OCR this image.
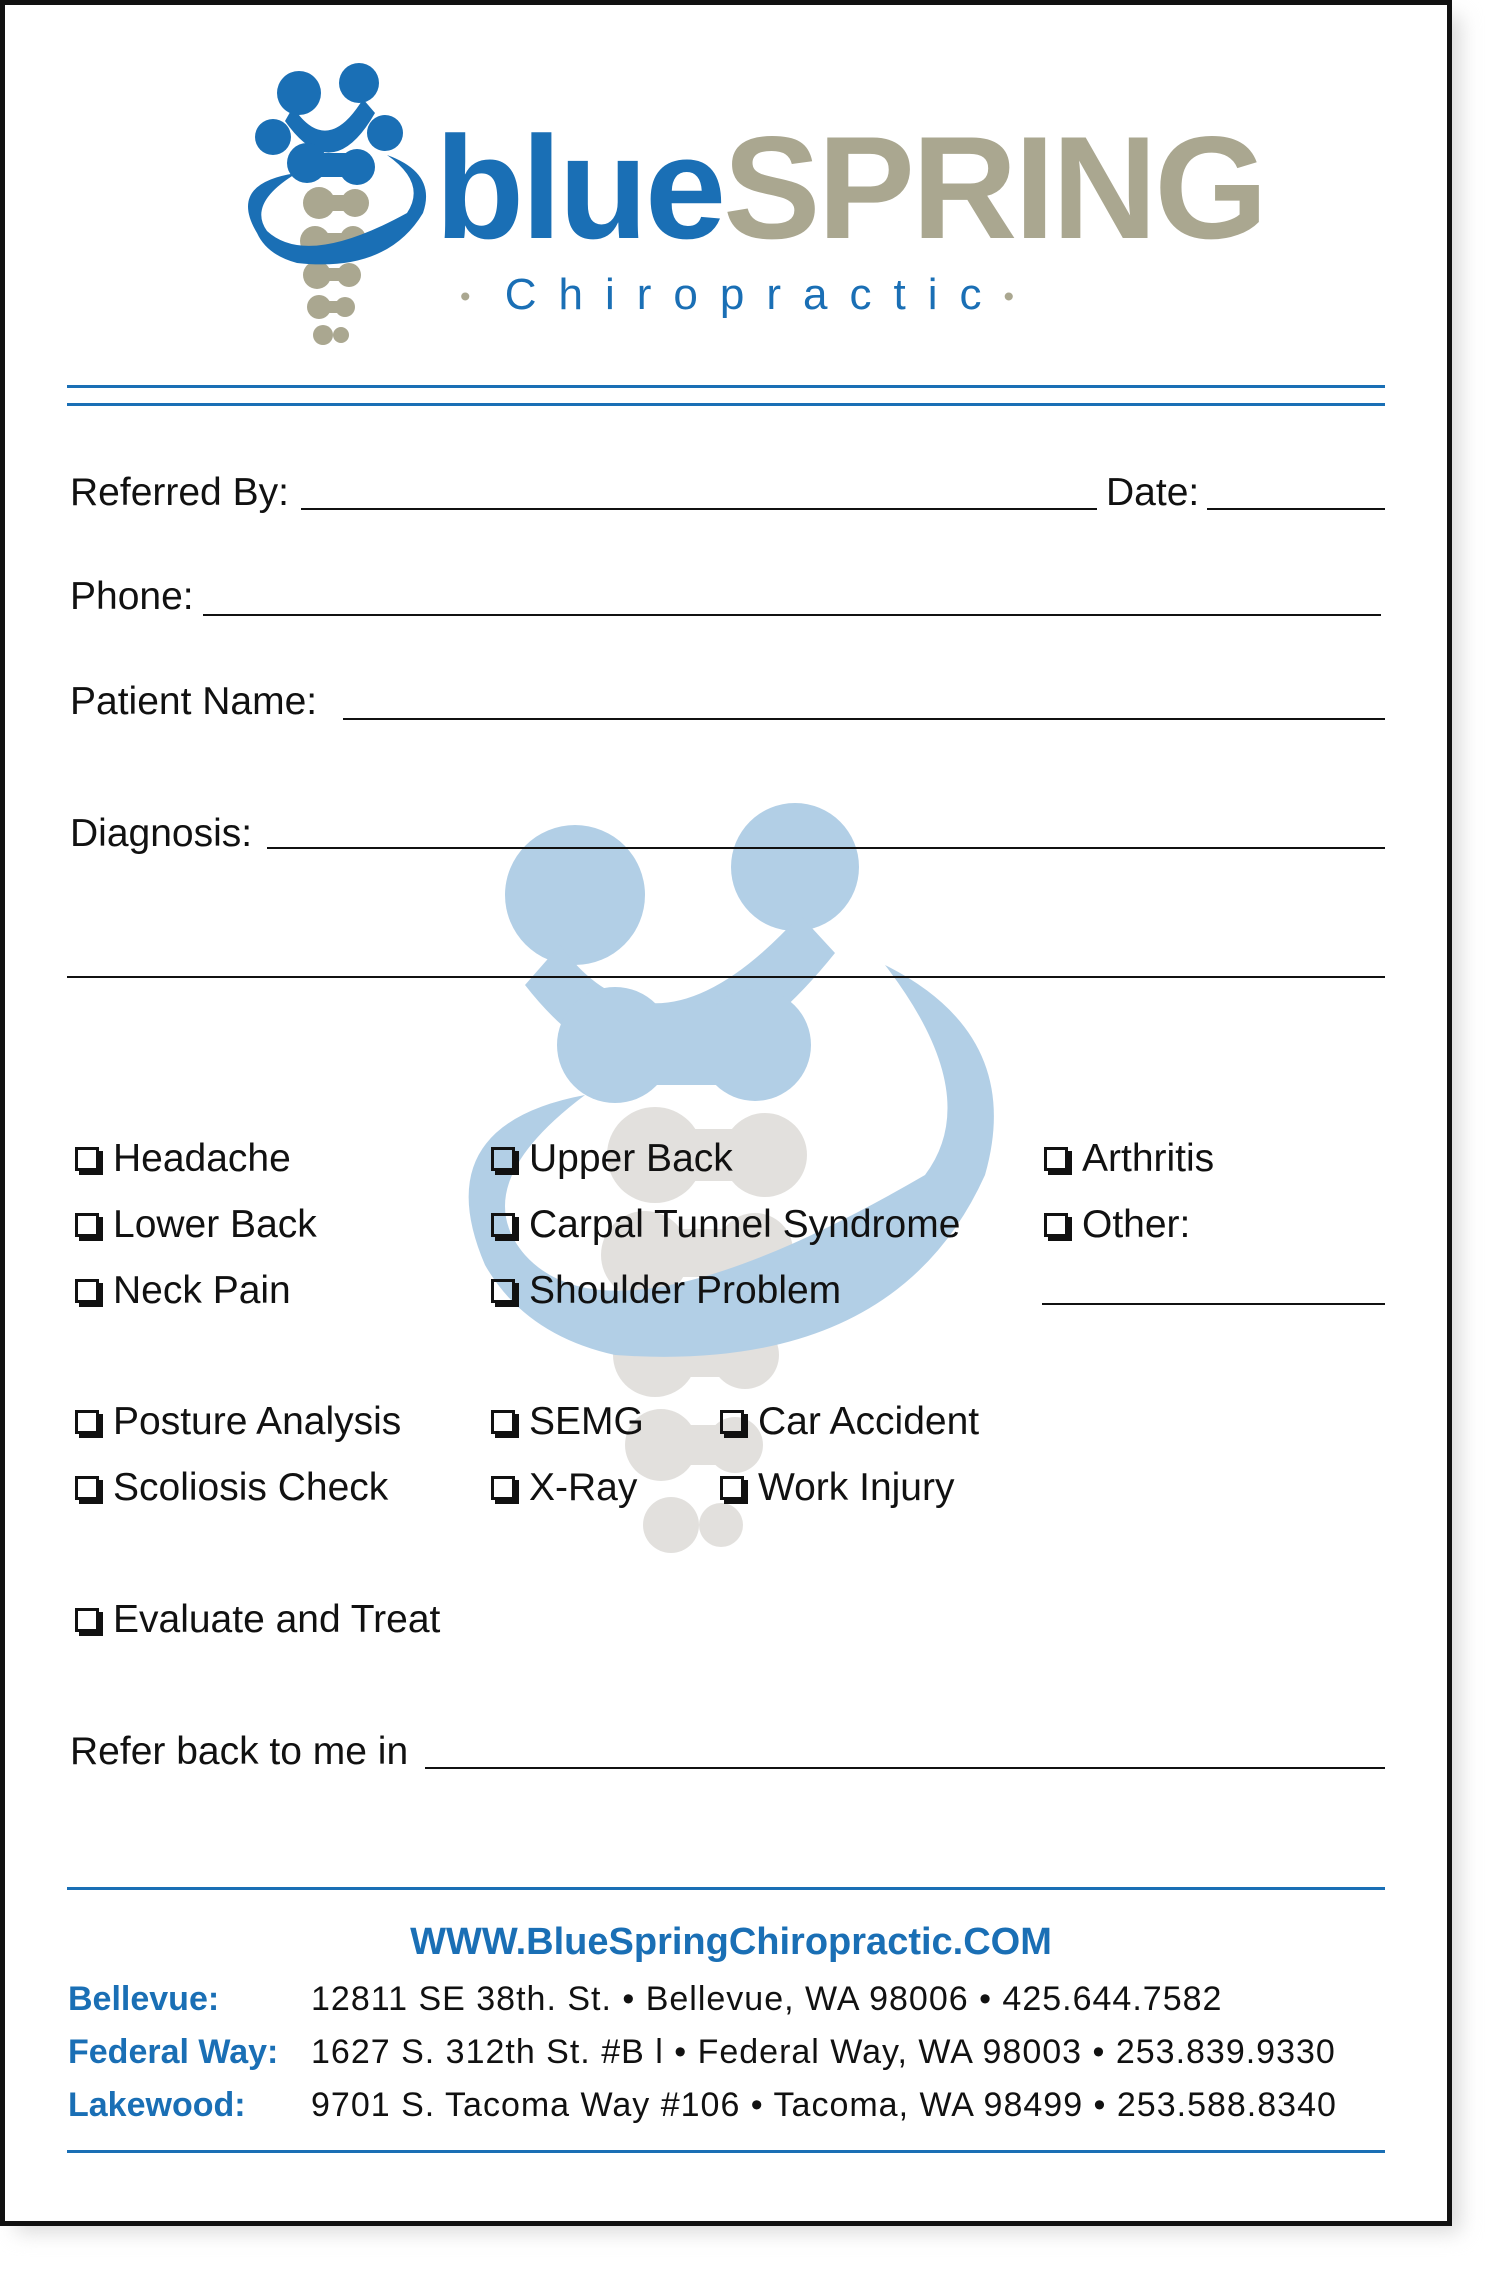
blueSPRING
• Chiropractic•
Referred By:	Date:
Phone:
Patient Name:
Diagnosis:
Headache
Lower Back
Neck Pain
Upper Back
Carpal Tunnel Syndrome
Shoulder Problem
Arthritis
Other:
Posture Analysis
Scoliosis Check
SEMG
X-Ray
Car Accident
Work Injury
Evaluate and Treat
Refer back to me in
WWW.BlueSpringChiropractic.COM
Bellevue:	12811 SE 38th. St. • Bellevue, WA 98006 • 425.644.7582
Federal Way: 1627 S. 312th St. #B l • Federal Way, WA 98003 • 253.839.9330
Lakewood: 9701 S. Tacoma Way #106 • Tacoma, WA 98499 • 253.588.8340
